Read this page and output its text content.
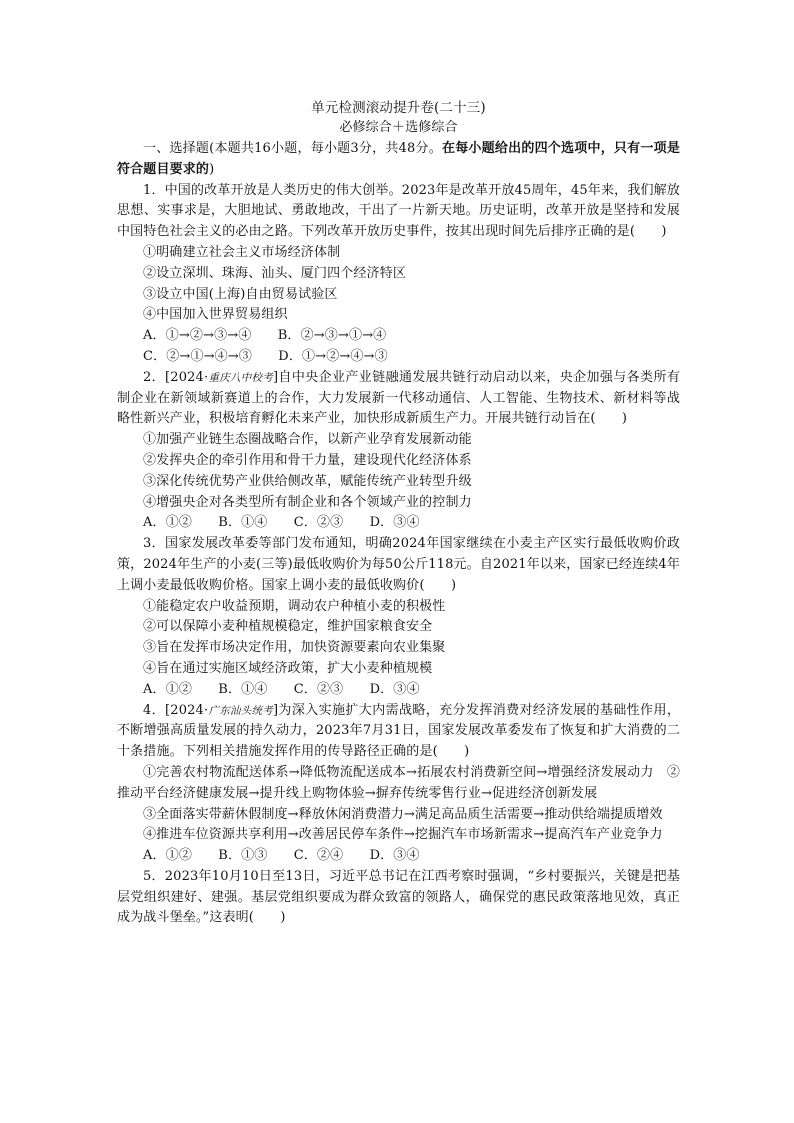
单元检测滚动提升卷(二十三)

必修综合＋选修综合

一、选择题(本题共16小题，每小题3分，共48分。在每小题给出的四个选项中，只有一项是符合题目要求的)

1．中国的改革开放是人类历史的伟大创举。2023年是改革开放45周年，45年来，我们解放思想、实事求是，大胆地试、勇敢地改，干出了一片新天地。历史证明，改革开放是坚持和发展中国特色社会主义的必由之路。下列改革开放历史事件，按其出现时间先后排序正确的是(　　)

①明确建立社会主义市场经济体制

②设立深圳、珠海、汕头、厦门四个经济特区

③设立中国(上海)自由贸易试验区

④中国加入世界贸易组织

A．①→②→③→④　　B．②→③→①→④

C．②→①→④→③　　D．①→②→④→③

2．[2024·重庆八中校考]自中央企业产业链融通发展共链行动启动以来，央企加强与各类所有制企业在新领域新赛道上的合作，大力发展新一代移动通信、人工智能、生物技术、新材料等战略性新兴产业，积极培育孵化未来产业，加快形成新质生产力。开展共链行动旨在(　　)

①加强产业链生态圈战略合作，以新产业孕育发展新动能

②发挥央企的牵引作用和骨干力量，建设现代化经济体系

③深化传统优势产业供给侧改革，赋能传统产业转型升级

④增强央企对各类型所有制企业和各个领域产业的控制力

A．①②　　B．①④　　C．②③　　D．③④

3．国家发展改革委等部门发布通知，明确2024年国家继续在小麦主产区实行最低收购价政策，2024年生产的小麦(三等)最低收购价为每50公斤118元。自2021年以来，国家已经连续4年上调小麦最低收购价格。国家上调小麦的最低收购价(　　)

①能稳定农户收益预期，调动农户种植小麦的积极性

②可以保障小麦种植规模稳定，维护国家粮食安全

③旨在发挥市场决定作用，加快资源要素向农业集聚

④旨在通过实施区域经济政策，扩大小麦种植规模

A．①②　　B．①④　　C．②③　　D．③④

4．[2024·广东汕头统考]为深入实施扩大内需战略，充分发挥消费对经济发展的基础性作用，不断增强高质量发展的持久动力，2023年7月31日，国家发展改革委发布了恢复和扩大消费的二十条措施。下列相关措施发挥作用的传导路径正确的是(　　)

①完善农村物流配送体系→降低物流配送成本→拓展农村消费新空间→增强经济发展动力　②推动平台经济健康发展→提升线上购物体验→摒弃传统零售行业→促进经济创新发展

③全面落实带薪休假制度→释放休闲消费潜力→满足高品质生活需要→推动供给端提质增效

④推进车位资源共享利用→改善居民停车条件→挖掘汽车市场新需求→提高汽车产业竞争力

A．①②　　B．①③　　C．②④　　D．③④

5．2023年10月10日至13日，习近平总书记在江西考察时强调，“乡村要振兴，关键是把基层党组织建好、建强。基层党组织要成为群众致富的领路人，确保党的惠民政策落地见效，真正成为战斗堡垒。”这表明(　　)
